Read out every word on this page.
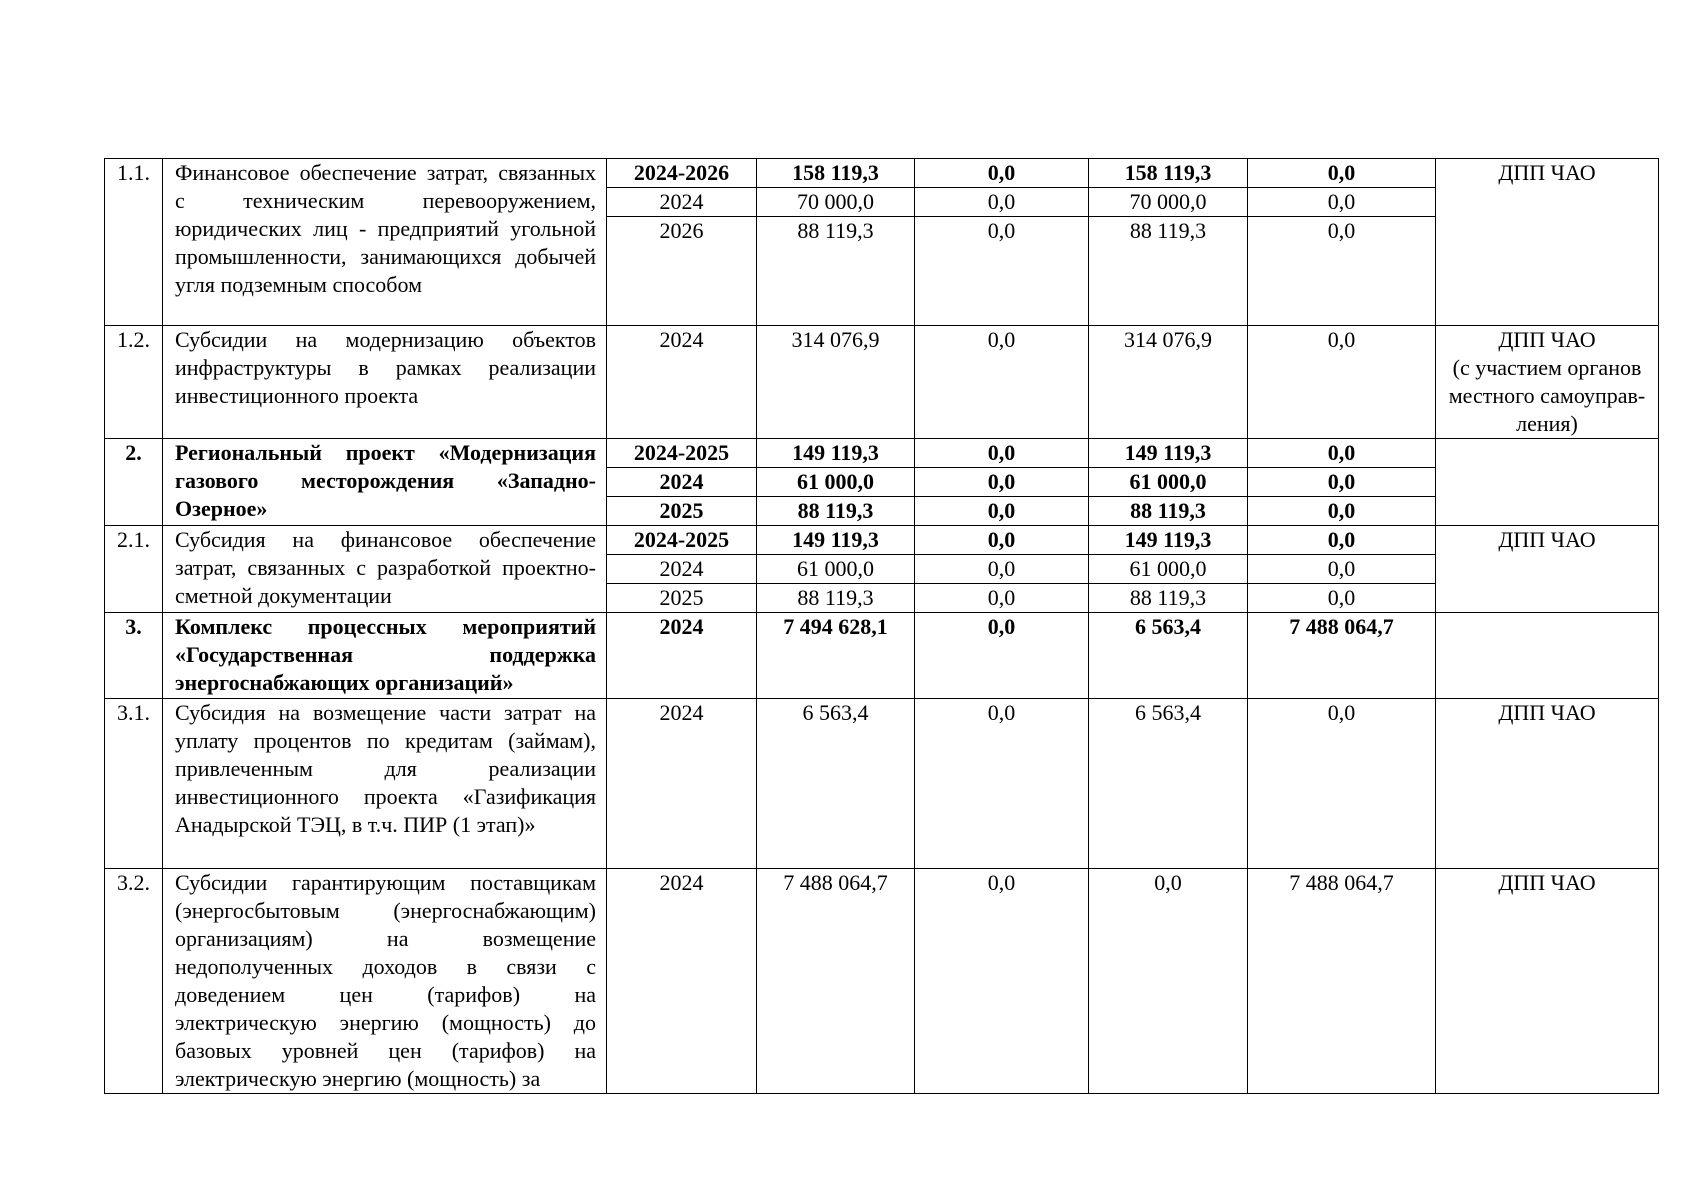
1.1.	Финансовое обеспечение затрат, связанных с техническим перевооружением, юридических лиц - предприятий угольной промышленности, занимающихся добычей угля подземным способом	2024-2026	158 119,3	0,0	158 119,3	0,0	ДПП ЧАО

		2024	70 000,0	0,0	70 000,0	0,0	
		2026	88 119,3	0,0	88 119,3	0,0	
1.2.	Субсидии на модернизацию объектов инфраструктуры в рамках реализации инвестиционного проекта	2024	314 076,9	0,0	314 076,9	0,0	ДПП ЧАО
(с участием органов
местного самоуправ-
ления)

2.	Региональный проект «Модернизация газового месторождения «Западно-Озерное»	2024-2025	149 119,3	0,0	149 119,3	0,0	
		2024	61 000,0	0,0	61 000,0	0,0	
		2025	88 119,3	0,0	88 119,3	0,0	
2.1.	Субсидия на финансовое обеспечение затрат, связанных с разработкой проектно-сметной документации	2024-2025	149 119,3	0,0	149 119,3	0,0	ДПП ЧАО

		2024	61 000,0	0,0	61 000,0	0,0	
		2025	88 119,3	0,0	88 119,3	0,0	
3.	Комплекс процессных мероприятий «Государственная поддержка энергоснабжающих организаций»	2024	7 494 628,1	0,0	6 563,4	7 488 064,7	
3.1.	Субсидия на возмещение части затрат на уплату процентов по кредитам (займам), привлеченным для реализации инвестиционного проекта «Газификация Анадырской ТЭЦ, в т.ч. ПИР (1 этап)»	2024	6 563,4	0,0	6 563,4	0,0	ДПП ЧАО

3.2.	Субсидии гарантирующим поставщикам (энергосбытовым (энергоснабжающим) организациям) на возмещение недополученных доходов в связи с доведением цен (тарифов) на электрическую энергию (мощность) до базовых уровней цен (тарифов) на электрическую энергию (мощность) за	2024	7 488 064,7	0,0	0,0	7 488 064,7	ДПП ЧАО
